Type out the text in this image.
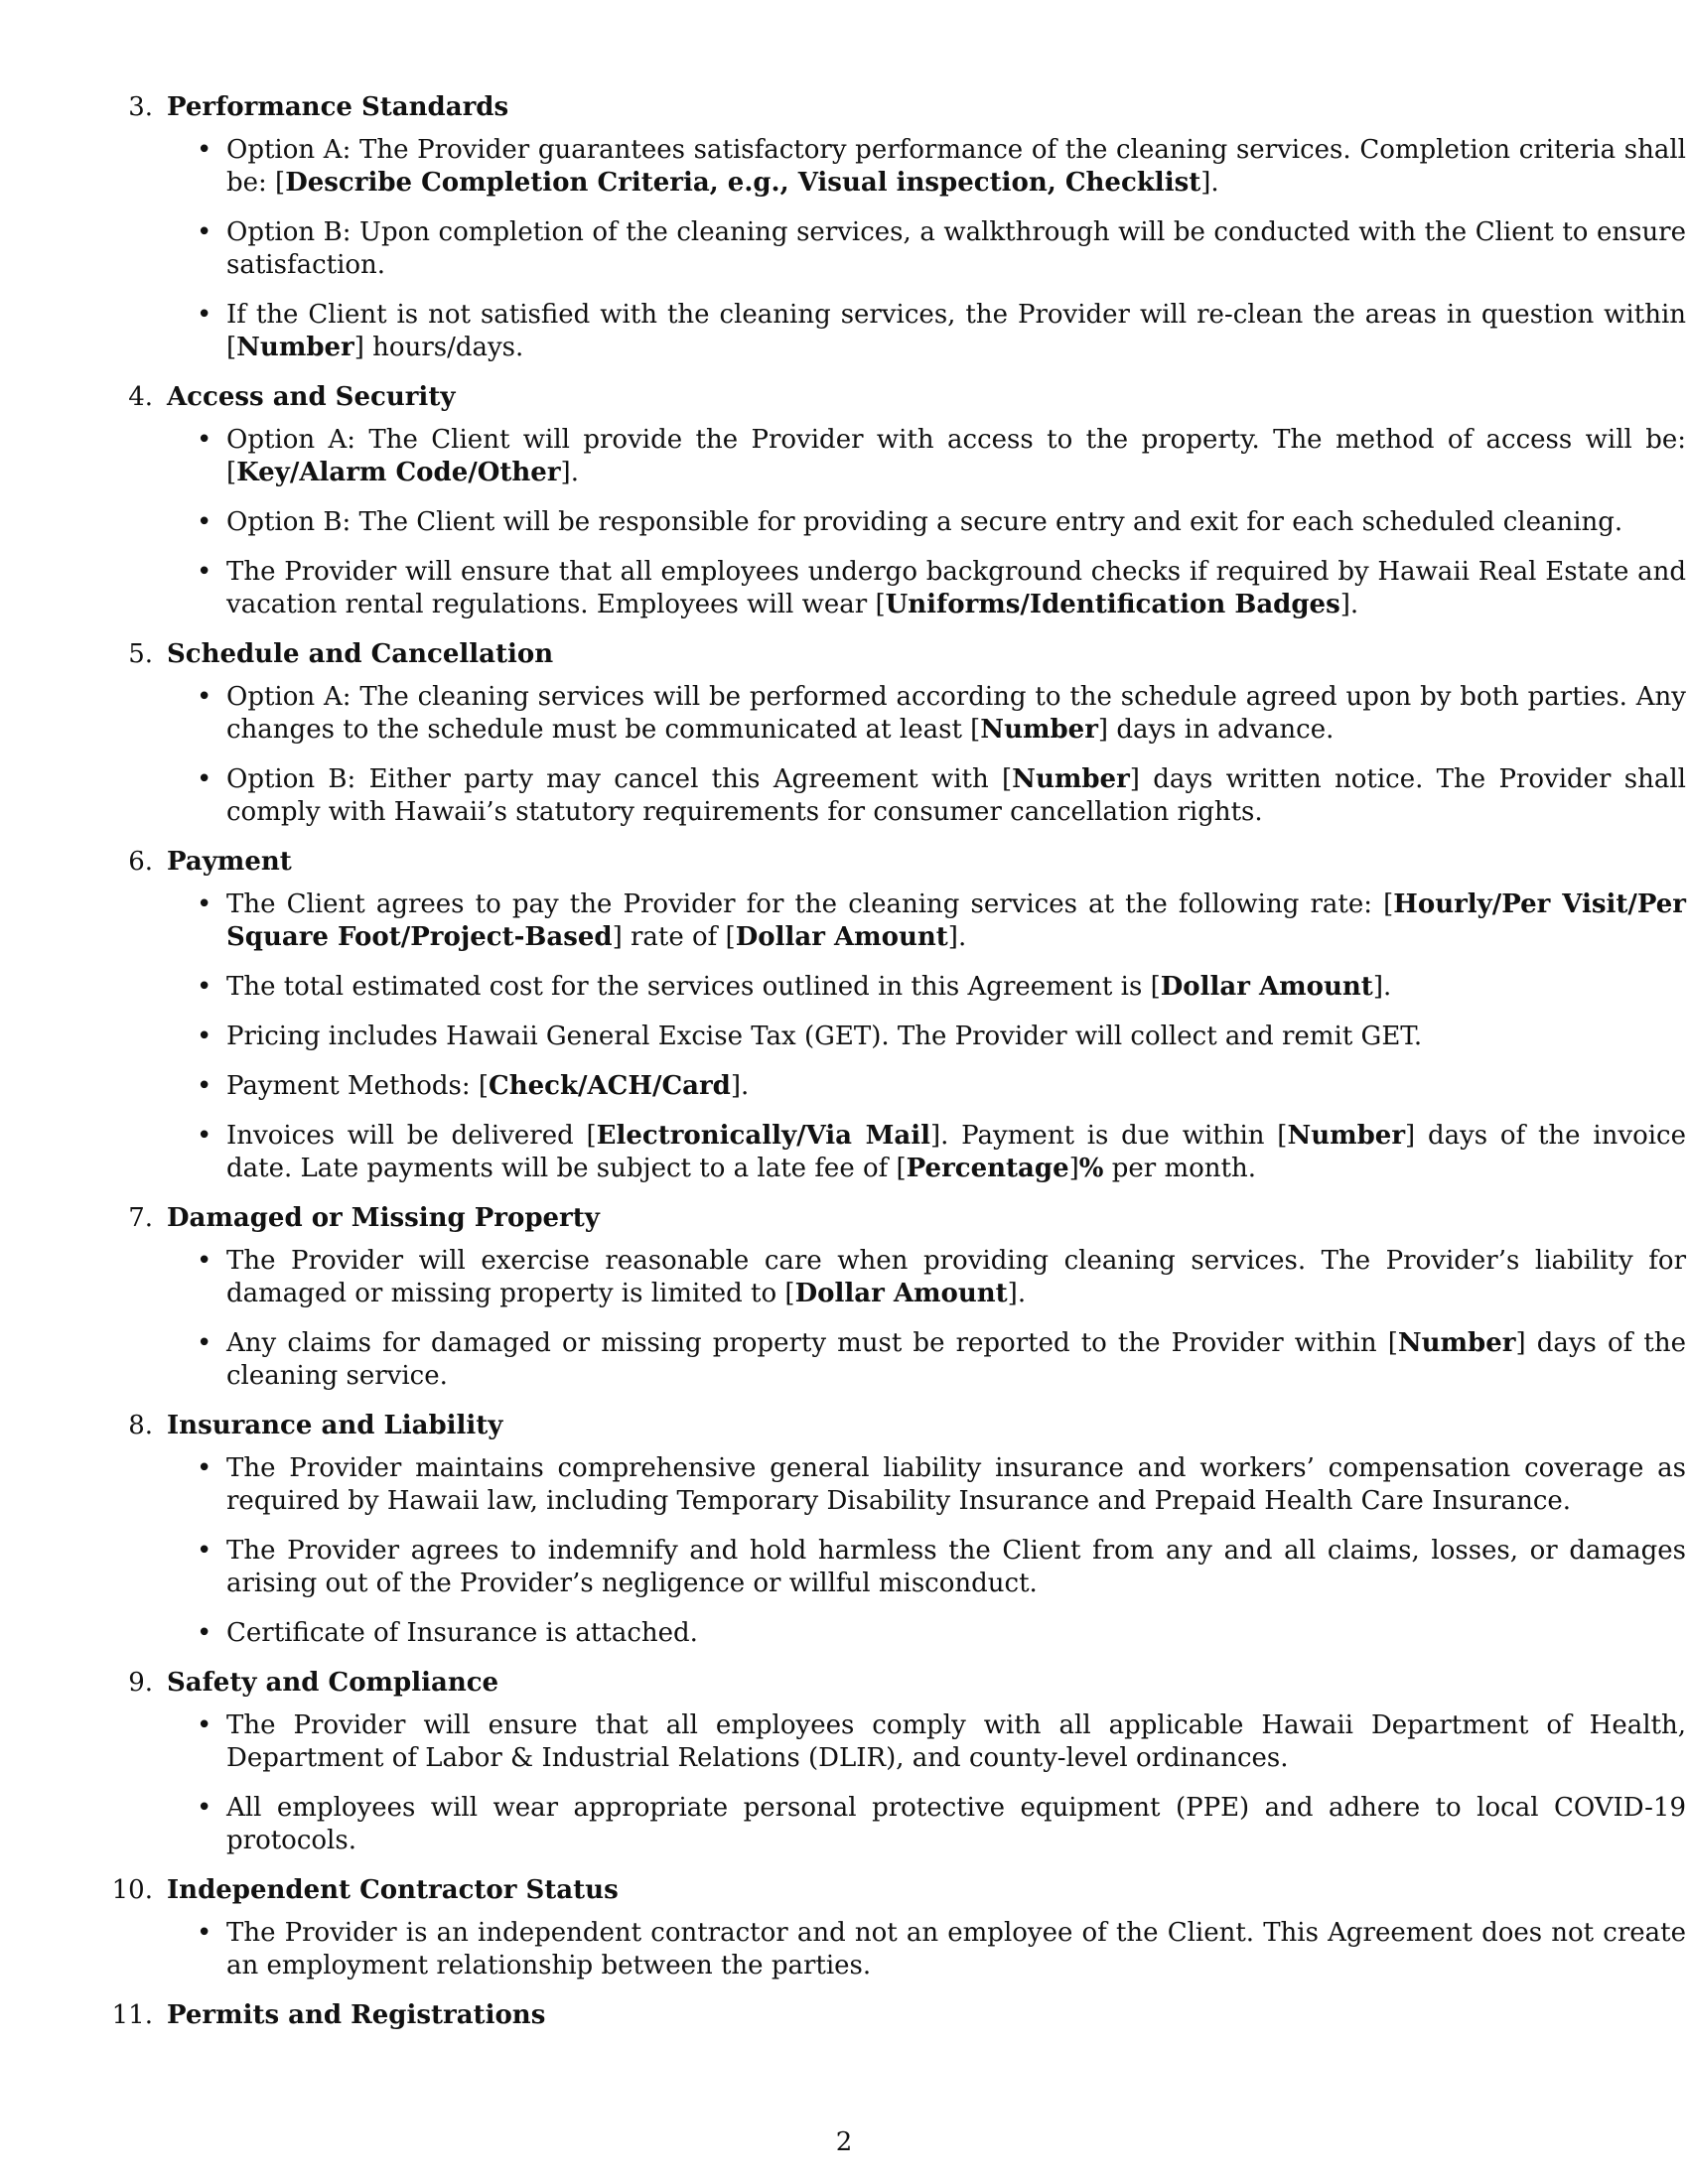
3. Performance Standards
• Option A: The Provider guarantees satisfactory performance of the cleaning services. Completion criteria shall be: [Describe Completion Criteria, e.g., Visual inspection, Checklist].
• Option B: Upon completion of the cleaning services, a walkthrough will be conducted with the Client to ensure satisfaction.
• If the Client is not satisfied with the cleaning services, the Provider will re-clean the areas in question within [Number] hours/days.
4. Access and Security
• Option A: The Client will provide the Provider with access to the property. The method of access will be: [Key/Alarm Code/Other].
• Option B: The Client will be responsible for providing a secure entry and exit for each scheduled cleaning.
• The Provider will ensure that all employees undergo background checks if required by Hawaii Real Estate and vacation rental regulations. Employees will wear [Uniforms/Identification Badges].
5. Schedule and Cancellation
• Option A: The cleaning services will be performed according to the schedule agreed upon by both parties. Any changes to the schedule must be communicated at least [Number] days in advance.
• Option B: Either party may cancel this Agreement with [Number] days written notice. The Provider shall comply with Hawaii’s statutory requirements for consumer cancellation rights.
6. Payment
• The Client agrees to pay the Provider for the cleaning services at the following rate: [Hourly/Per Visit/Per Square Foot/Project-Based] rate of [Dollar Amount].
• The total estimated cost for the services outlined in this Agreement is [Dollar Amount].
• Pricing includes Hawaii General Excise Tax (GET). The Provider will collect and remit GET.
• Payment Methods: [Check/ACH/Card].
• Invoices will be delivered [Electronically/Via Mail]. Payment is due within [Number] days of the invoice date. Late payments will be subject to a late fee of [Percentage]% per month.
7. Damaged or Missing Property
• The Provider will exercise reasonable care when providing cleaning services. The Provider’s liability for damaged or missing property is limited to [Dollar Amount].
• Any claims for damaged or missing property must be reported to the Provider within [Number] days of the cleaning service.
8. Insurance and Liability
• The Provider maintains comprehensive general liability insurance and workers’ compensation coverage as required by Hawaii law, including Temporary Disability Insurance and Prepaid Health Care Insurance.
• The Provider agrees to indemnify and hold harmless the Client from any and all claims, losses, or damages arising out of the Provider’s negligence or willful misconduct.
• Certificate of Insurance is attached.
9. Safety and Compliance
• The Provider will ensure that all employees comply with all applicable Hawaii Department of Health, Department of Labor & Industrial Relations (DLIR), and county-level ordinances.
• All employees will wear appropriate personal protective equipment (PPE) and adhere to local COVID-19 protocols.
10. Independent Contractor Status
• The Provider is an independent contractor and not an employee of the Client. This Agreement does not create an employment relationship between the parties.
11. Permits and Registrations
2
